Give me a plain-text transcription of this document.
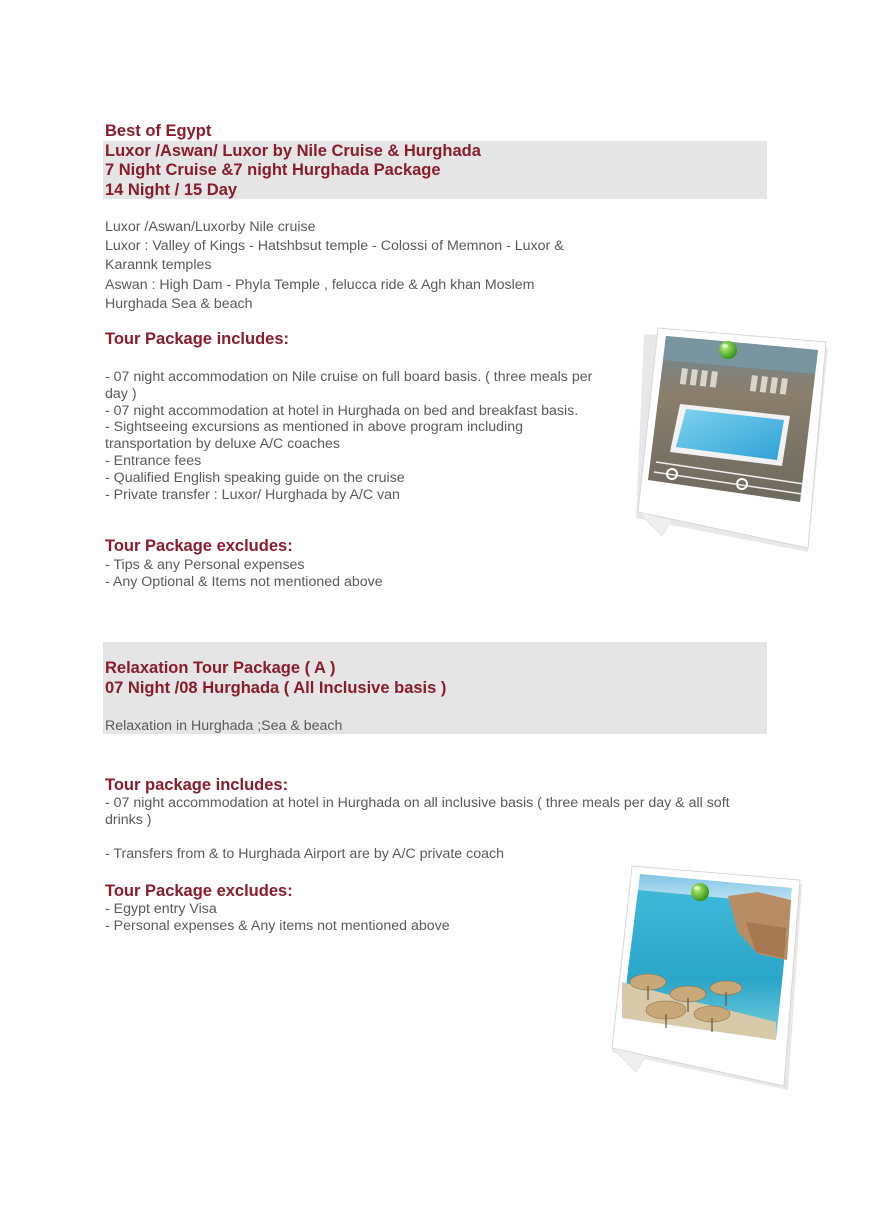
Best of Egypt

Luxor /Aswan/ Luxor by Nile Cruise & Hurghada

7 Night Cruise &7 night Hurghada Package

14 Night / 15 Day

Luxor /Aswan/Luxorby Nile cruise

Luxor : Valley of Kings - Hatshbsut temple - Colossi of Memnon - Luxor &

Karannk temples

Aswan : High Dam - Phyla Temple , felucca ride & Agh khan Moslem

Hurghada Sea & beach

Tour Package includes:

- 07 night accommodation on Nile cruise on full board basis. ( three meals per

day )

- 07 night accommodation at hotel in Hurghada on bed and breakfast basis.

- Sightseeing excursions as mentioned in above program including

transportation by deluxe A/C coaches

- Entrance fees

- Qualified English speaking guide on the cruise

- Private transfer : Luxor/ Hurghada by A/C van

Tour Package excludes:

- Tips & any Personal expenses

- Any Optional & Items not mentioned above

Relaxation Tour Package ( A )

07 Night /08 Hurghada ( All Inclusive basis )

Relaxation in Hurghada ;Sea & beach

Tour package includes:

- 07 night accommodation at hotel in Hurghada on all inclusive basis ( three meals per day & all soft

drinks )

- Transfers from & to Hurghada Airport are by A/C private coach

Tour Package excludes:

- Egypt entry Visa

- Personal expenses & Any items not mentioned above
